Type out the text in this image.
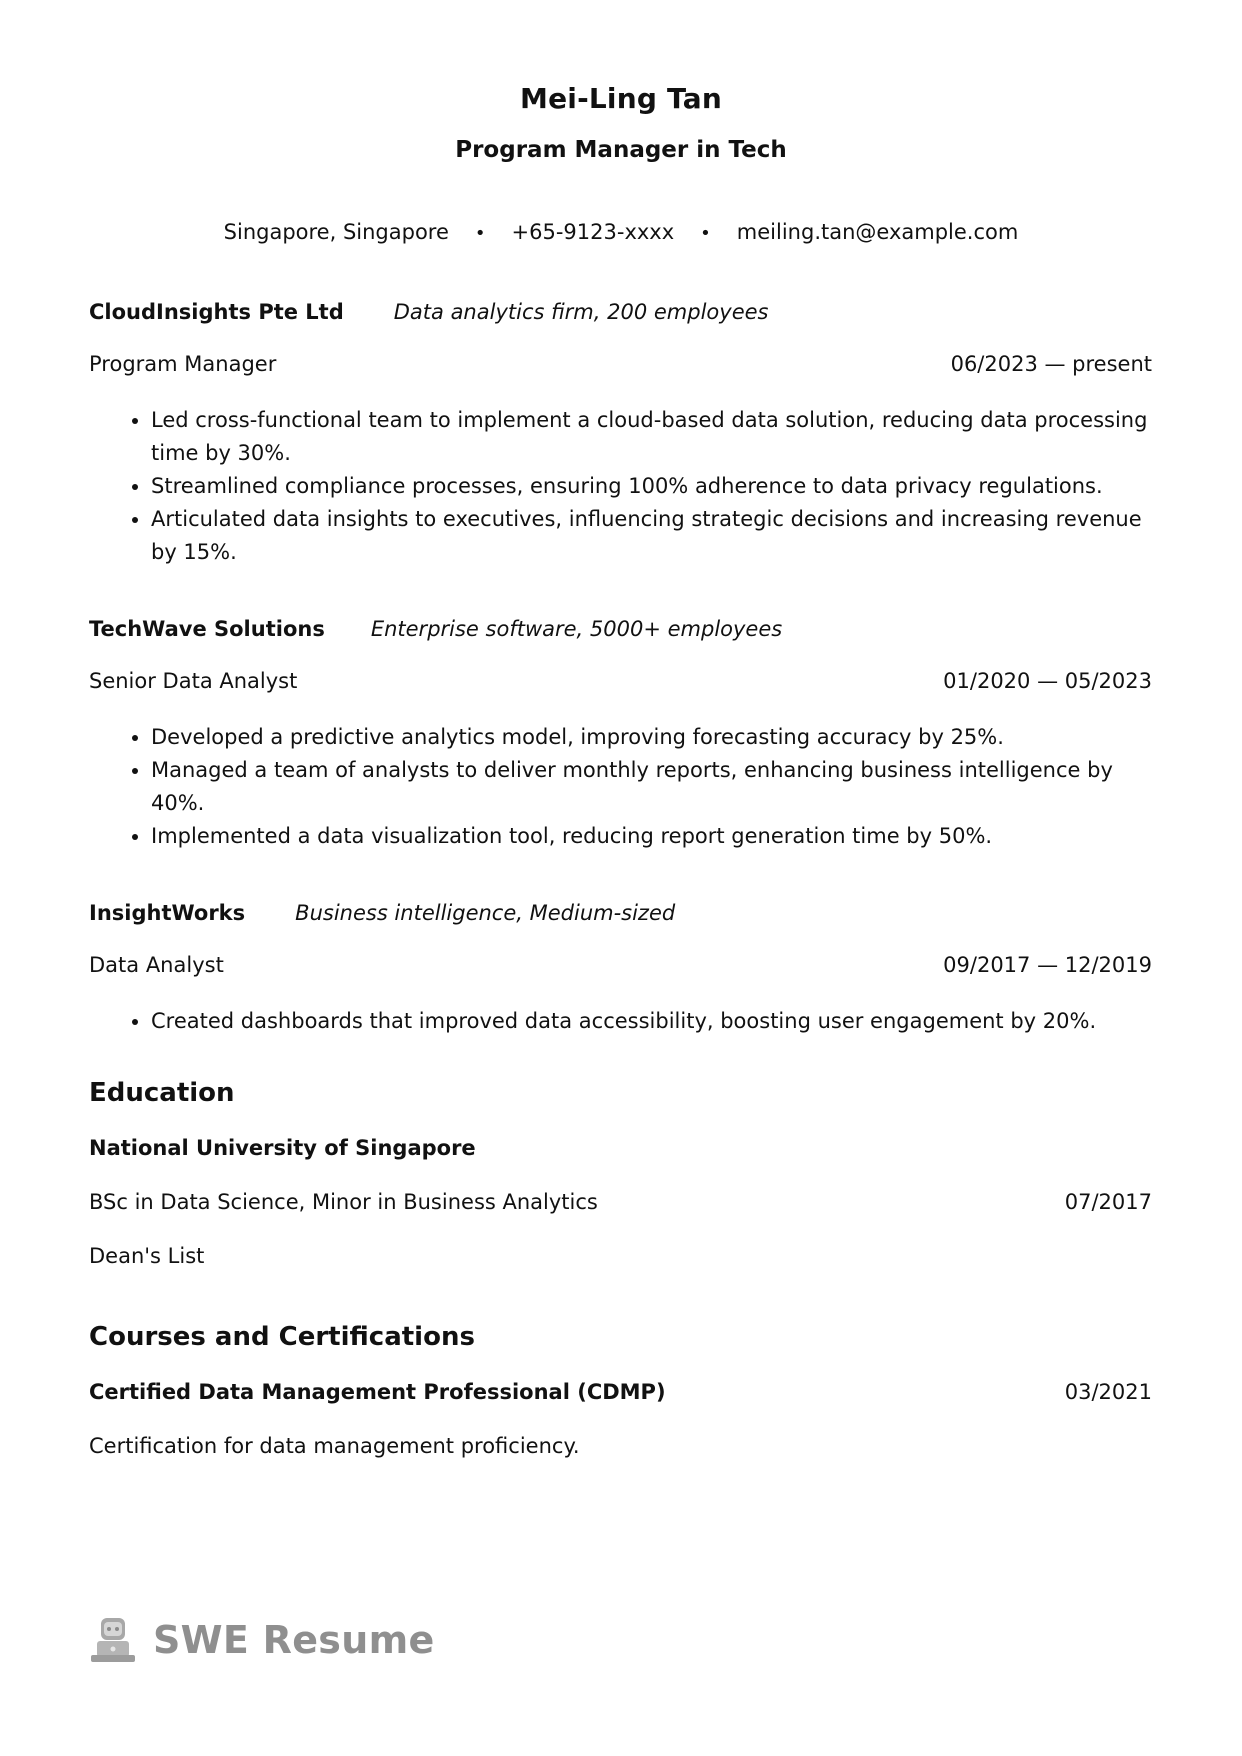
Mei-Ling Tan
Program Manager in Tech
Singapore, Singapore • +65-9123-xxxx • meiling.tan@example.com
CloudInsights Pte Ltd Data analytics firm, 200 employees
Program Manager	06/2023 — present
• Led cross-functional team to implement a cloud-based data solution, reducing data processing time by 30%.
• Streamlined compliance processes, ensuring 100% adherence to data privacy regulations.
• Articulated data insights to executives, influencing strategic decisions and increasing revenue by 15%.
TechWave Solutions Enterprise software, 5000+ employees
Senior Data Analyst	01/2020 — 05/2023
• Developed a predictive analytics model, improving forecasting accuracy by 25%.
• Managed a team of analysts to deliver monthly reports, enhancing business intelligence by 40%.
• Implemented a data visualization tool, reducing report generation time by 50%.
InsightWorks Business intelligence, Medium-sized
Data Analyst	09/2017 — 12/2019
• Created dashboards that improved data accessibility, boosting user engagement by 20%.
Education
National University of Singapore
BSc in Data Science, Minor in Business Analytics	07/2017
Dean's List
Courses and Certifications
Certified Data Management Professional (CDMP)	03/2021
Certification for data management proficiency.
SWE Resume
